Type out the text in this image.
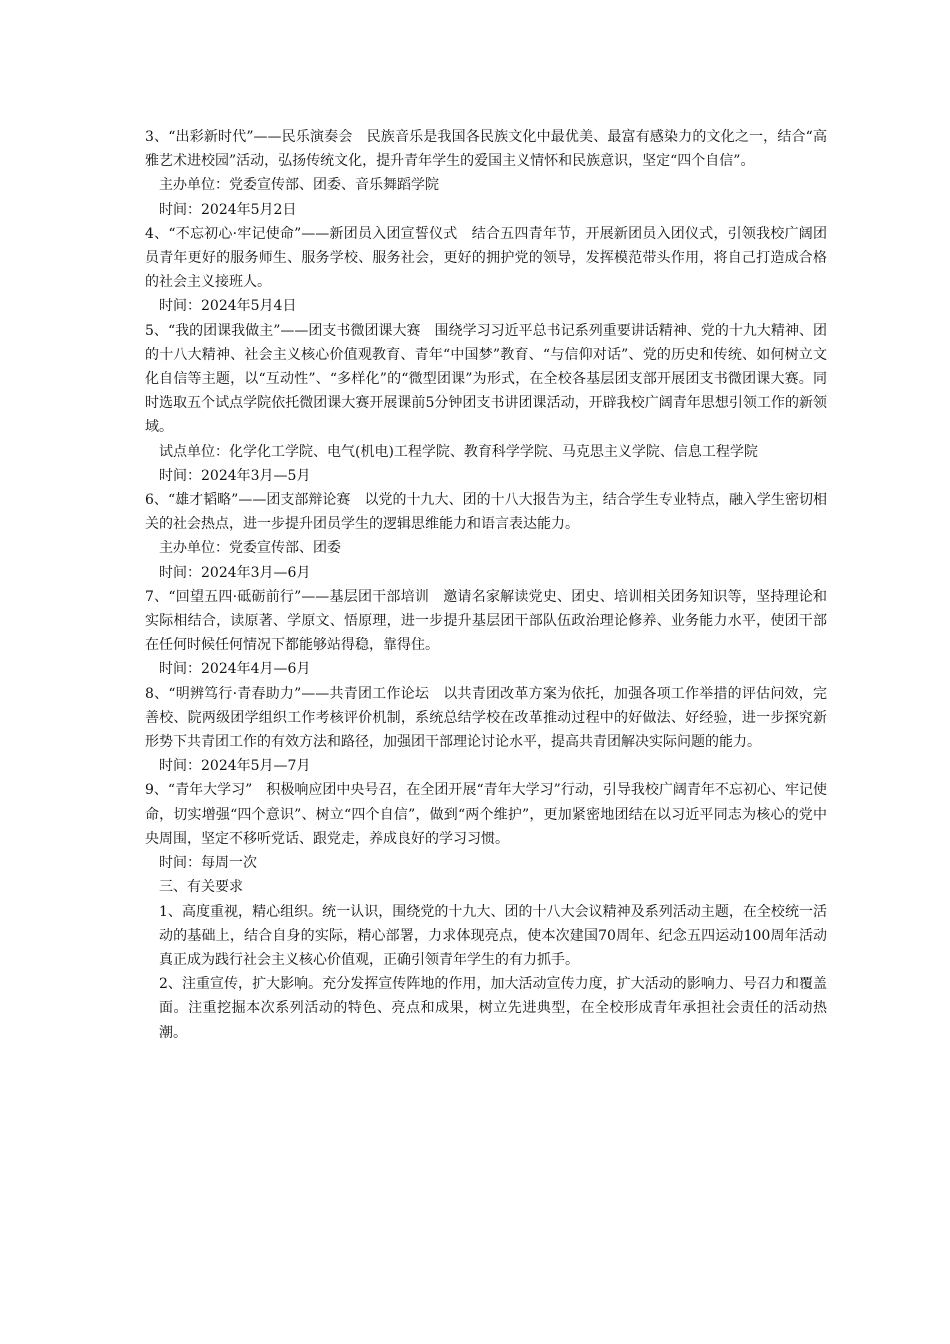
3、“出彩新时代”——民乐演奏会　民族音乐是我国各民族文化中最优美、最富有感染力的文化之一，结合“高雅艺术进校园”活动，弘扬传统文化，提升青年学生的爱国主义情怀和民族意识，坚定“四个自信”。

主办单位：党委宣传部、团委、音乐舞蹈学院

时间：2024年5月2日

4、“不忘初心·牢记使命”——新团员入团宣誓仪式　结合五四青年节，开展新团员入团仪式，引领我校广阔团员青年更好的服务师生、服务学校、服务社会，更好的拥护党的领导，发挥模范带头作用，将自己打造成合格的社会主义接班人。

时间：2024年5月4日

5、“我的团课我做主”——团支书微团课大赛　围绕学习习近平总书记系列重要讲话精神、党的十九大精神、团的十八大精神、社会主义核心价值观教育、青年“中国梦”教育、“与信仰对话”、党的历史和传统、如何树立文化自信等主题，以“互动性”、“多样化”的“微型团课”为形式，在全校各基层团支部开展团支书微团课大赛。同时选取五个试点学院依托微团课大赛开展课前5分钟团支书讲团课活动，开辟我校广阔青年思想引领工作的新领域。

试点单位：化学化工学院、电气(机电)工程学院、教育科学学院、马克思主义学院、信息工程学院

时间：2024年3月—5月

6、“雄才韬略”——团支部辩论赛　以党的十九大、团的十八大报告为主，结合学生专业特点，融入学生密切相关的社会热点，进一步提升团员学生的逻辑思维能力和语言表达能力。

主办单位：党委宣传部、团委

时间：2024年3月—6月

7、“回望五四·砥砺前行”——基层团干部培训　邀请名家解读党史、团史、培训相关团务知识等，坚持理论和实际相结合，读原著、学原文、悟原理，进一步提升基层团干部队伍政治理论修养、业务能力水平，使团干部在任何时候任何情况下都能够站得稳，靠得住。

时间：2024年4月—6月

8、“明辨笃行·青春助力”——共青团工作论坛　以共青团改革方案为依托，加强各项工作举措的评估问效，完善校、院两级团学组织工作考核评价机制，系统总结学校在改革推动过程中的好做法、好经验，进一步探究新形势下共青团工作的有效方法和路径，加强团干部理论讨论水平，提高共青团解决实际问题的能力。

时间：2024年5月—7月

9、“青年大学习”　积极响应团中央号召，在全团开展“青年大学习”行动，引导我校广阔青年不忘初心、牢记使命，切实增强“四个意识”、树立“四个自信”，做到“两个维护”，更加紧密地团结在以习近平同志为核心的党中央周围，坚定不移听党话、跟党走，养成良好的学习习惯。

时间：每周一次

三、有关要求

1、高度重视，精心组织。统一认识，围绕党的十九大、团的十八大会议精神及系列活动主题，在全校统一活动的基础上，结合自身的实际，精心部署，力求体现亮点，使本次建国70周年、纪念五四运动100周年活动真正成为践行社会主义核心价值观，正确引领青年学生的有力抓手。

2、注重宣传，扩大影响。充分发挥宣传阵地的作用，加大活动宣传力度，扩大活动的影响力、号召力和覆盖面。注重挖掘本次系列活动的特色、亮点和成果，树立先进典型，在全校形成青年承担社会责任的活动热潮。
